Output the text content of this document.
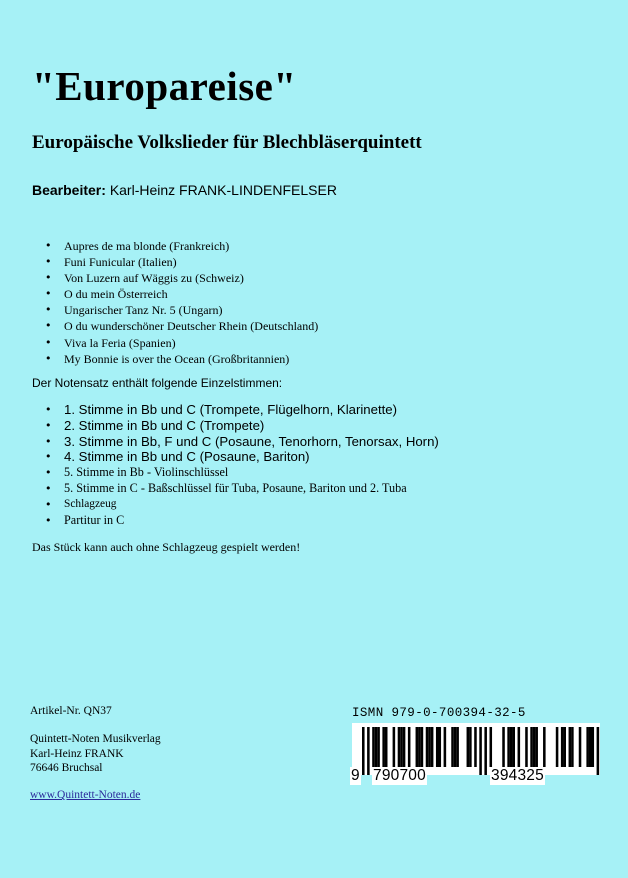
"Europareise"
Europäische Volkslieder für Blechbläserquintett
Bearbeiter: Karl-Heinz FRANK-LINDENFELSER
• Aupres de ma blonde (Frankreich)
• Funi Funicular (Italien)
• Von Luzern auf Wäggis zu (Schweiz)
• O du mein Österreich
• Ungarischer Tanz Nr. 5 (Ungarn)
• O du wunderschöner Deutscher Rhein (Deutschland)
• Viva la Feria (Spanien)
• My Bonnie is over the Ocean (Großbritannien)
Der Notensatz enthält folgende Einzelstimmen:
• 1. Stimme in Bb und C (Trompete, Flügelhorn, Klarinette)
• 2. Stimme in Bb und C (Trompete)
• 3. Stimme in Bb, F und C (Posaune, Tenorhorn, Tenorsax, Horn)
• 4. Stimme in Bb und C (Posaune, Bariton)
• 5. Stimme in Bb - Violinschlüssel
• 5. Stimme in C - Baßschlüssel für Tuba, Posaune, Bariton und 2. Tuba
• Schlagzeug
• Partitur in C
Das Stück kann auch ohne Schlagzeug gespielt werden!
Artikel-Nr. QN37
Quintett-Noten Musikverlag
Karl-Heinz FRANK
76646 Bruchsal
www.Quintett-Noten.de
ISMN 979-0-700394-32-5
9 790700	394325
